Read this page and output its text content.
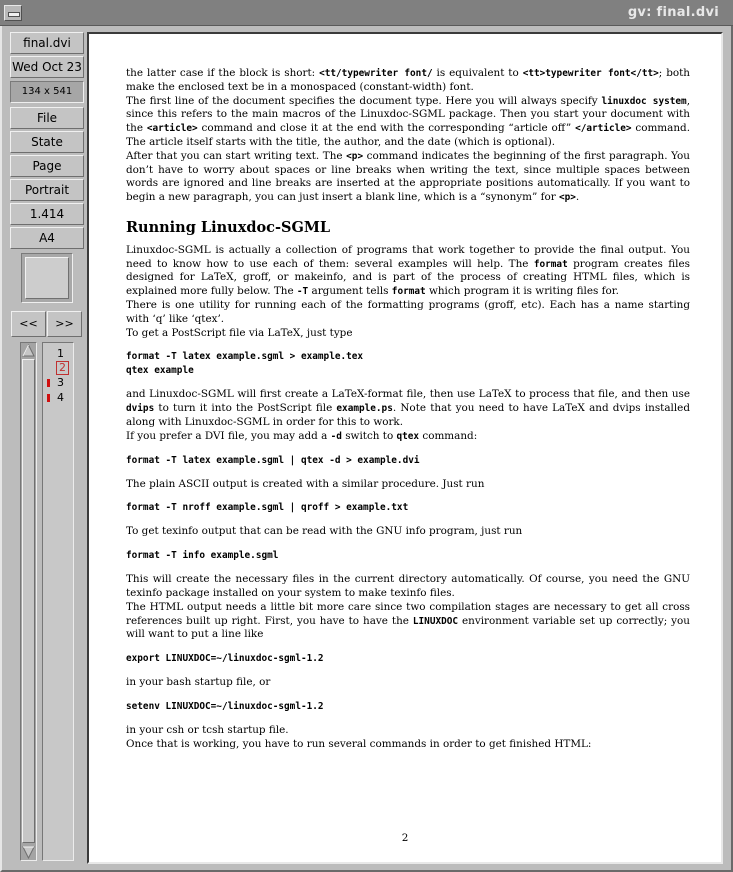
gv: final.dvi
final.dvi
Wed Oct 23
134 x 541
File
State
Page
Portrait
1.414
A4
<<	>>
1
2
3
4

the latter case if the block is short: <tt/typewriter font/ is equivalent to <tt>typewriter font</tt>; both make the enclosed text be in a monospaced (constant-width) font.

The first line of the document specifies the document type. Here you will always specify linuxdoc system, since this refers to the main macros of the Linuxdoc-SGML package. Then you start your document with the <article> command and close it at the end with the corresponding “article off” </article> command. The article itself starts with the title, the author, and the date (which is optional).

After that you can start writing text. The <p> command indicates the beginning of the first paragraph. You don’t have to worry about spaces or line breaks when writing the text, since multiple spaces between words are ignored and line breaks are inserted at the appropriate positions automatically. If you want to begin a new paragraph, you can just insert a blank line, which is a “synonym” for <p>.

Running Linuxdoc-SGML

Linuxdoc-SGML is actually a collection of programs that work together to provide the final output. You need to know how to use each of them: several examples will help. The format program creates files designed for LaTeX, groff, or makeinfo, and is part of the process of creating HTML files, which is explained more fully below. The -T argument tells format which program it is writing files for.

There is one utility for running each of the formatting programs (groff, etc). Each has a name starting with ‘q’ like ‘qtex’.

To get a PostScript file via LaTeX, just type

format -T latex example.sgml > example.tex
qtex example

and Linuxdoc-SGML will first create a LaTeX-format file, then use LaTeX to process that file, and then use dvips to turn it into the PostScript file example.ps. Note that you need to have LaTeX and dvips installed along with Linuxdoc-SGML in order for this to work.

If you prefer a DVI file, you may add a -d switch to qtex command:

format -T latex example.sgml | qtex -d > example.dvi

The plain ASCII output is created with a similar procedure. Just run

format -T nroff example.sgml | qroff > example.txt

To get texinfo output that can be read with the GNU info program, just run

format -T info example.sgml

This will create the necessary files in the current directory automatically. Of course, you need the GNU texinfo package installed on your system to make texinfo files.

The HTML output needs a little bit more care since two compilation stages are necessary to get all cross references built up right. First, you have to have the LINUXDOC environment variable set up correctly; you will want to put a line like

export LINUXDOC=~/linuxdoc-sgml-1.2

in your bash startup file, or

setenv LINUXDOC=~/linuxdoc-sgml-1.2

in your csh or tcsh startup file.

Once that is working, you have to run several commands in order to get finished HTML:

2
